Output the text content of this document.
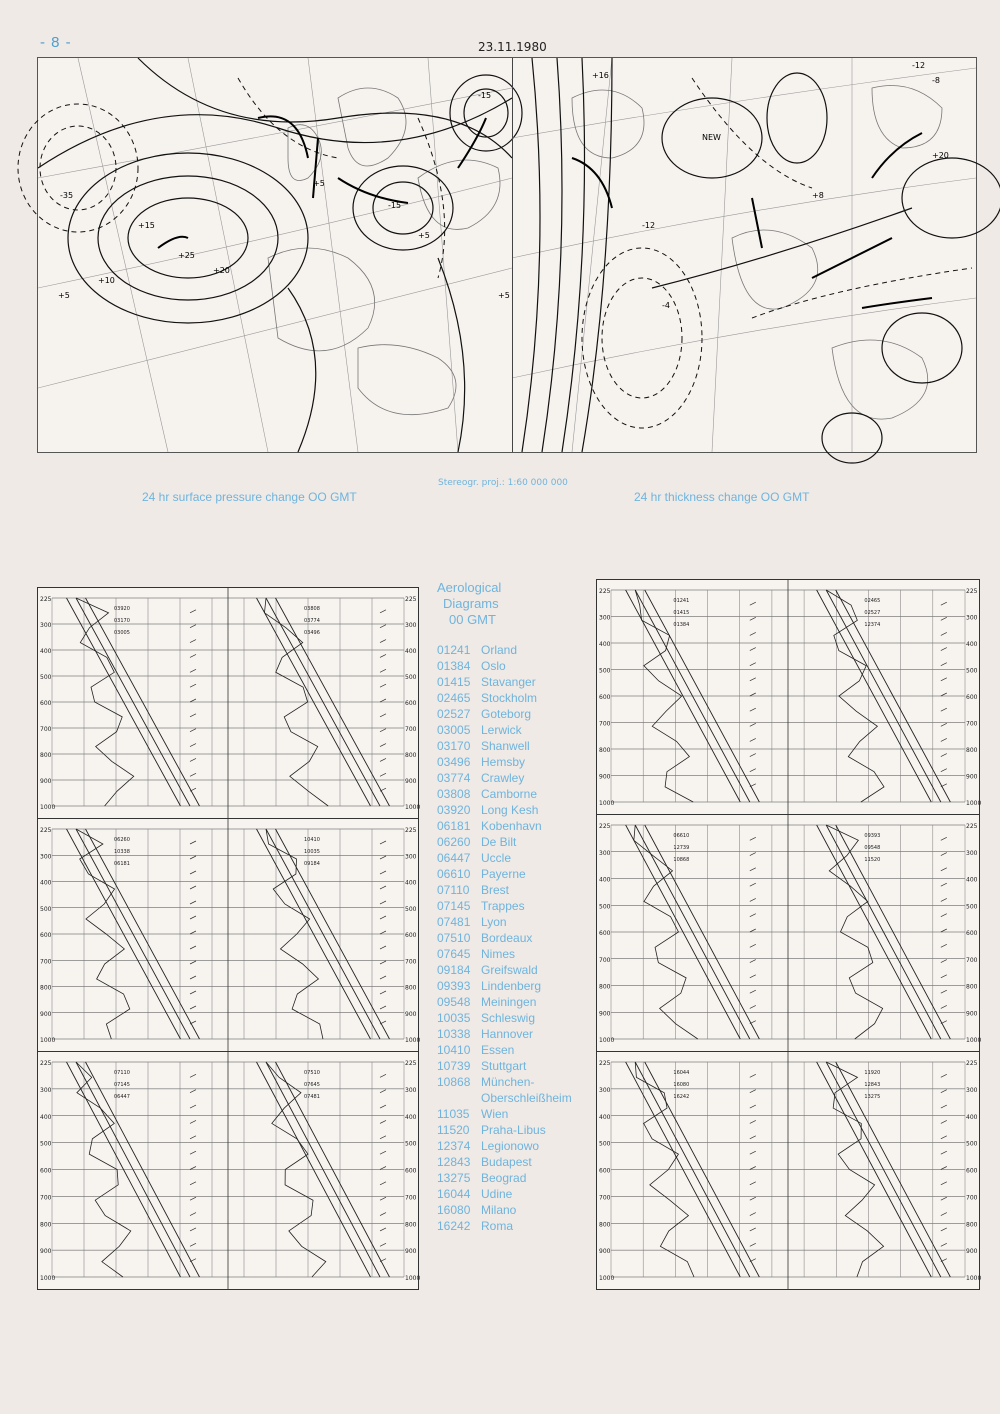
- 8 -	23.11.1980
+25
+20
+15
+10
+5
-35
-15
-15
+5
+5
+5
NEW
-12
+20
+8
+16
-4
-12
-8
Stereogr. proj.: 1:60 000 000
24 hr surface pressure change OO GMT	24 hr thickness change OO GMT
225	225
300	300
400	400
500	500
600	600
700	700
800	800
900	900
1000	1000
03920
03170
03005
03808
03774
03496
225	225
300	300
400	400
500	500
600	600
700	700
800	800
900	900
1000	1000
06260
10338
06181
10410
10035
09184
225	225
300	300
400	400
500	500
600	600
700	700
800	800
900	900
1000	1000
07110
07145
06447
07510
07645
07481
225	225
300	300
400	400
500	500
600	600
700	700
800	800
900	900
1000	1000
01241
01415
01384
02465
02527
12374
225	225
300	300
400	400
500	500
600	600
700	700
800	800
900	900
1000	1000
06610
12739
10868
09393
09548
11520
225	225
300	300
400	400
500	500
600	600
700	700
800	800
900	900
1000	1000
16044
16080
16242
11920
12843
13275
Aerological
Diagrams
00 GMT
01241 Orland
01384 Oslo
01415 Stavanger
02465 Stockholm
02527 Goteborg
03005 Lerwick
03170 Shanwell
03496 Hemsby
03774 Crawley
03808 Camborne
03920 Long Kesh
06181 Kobenhavn
06260 De Bilt
06447 Uccle
06610 Payerne
07110 Brest
07145 Trappes
07481 Lyon
07510 Bordeaux
07645 Nimes
09184 Greifswald
09393 Lindenberg
09548 Meiningen
10035 Schleswig
10338 Hannover
10410 Essen
10739 Stuttgart
10868 München-
Oberschleißheim
11035 Wien
11520 Praha-Libus
12374 Legionowo
12843 Budapest
13275 Beograd
16044 Udine
16080 Milano
16242 Roma
